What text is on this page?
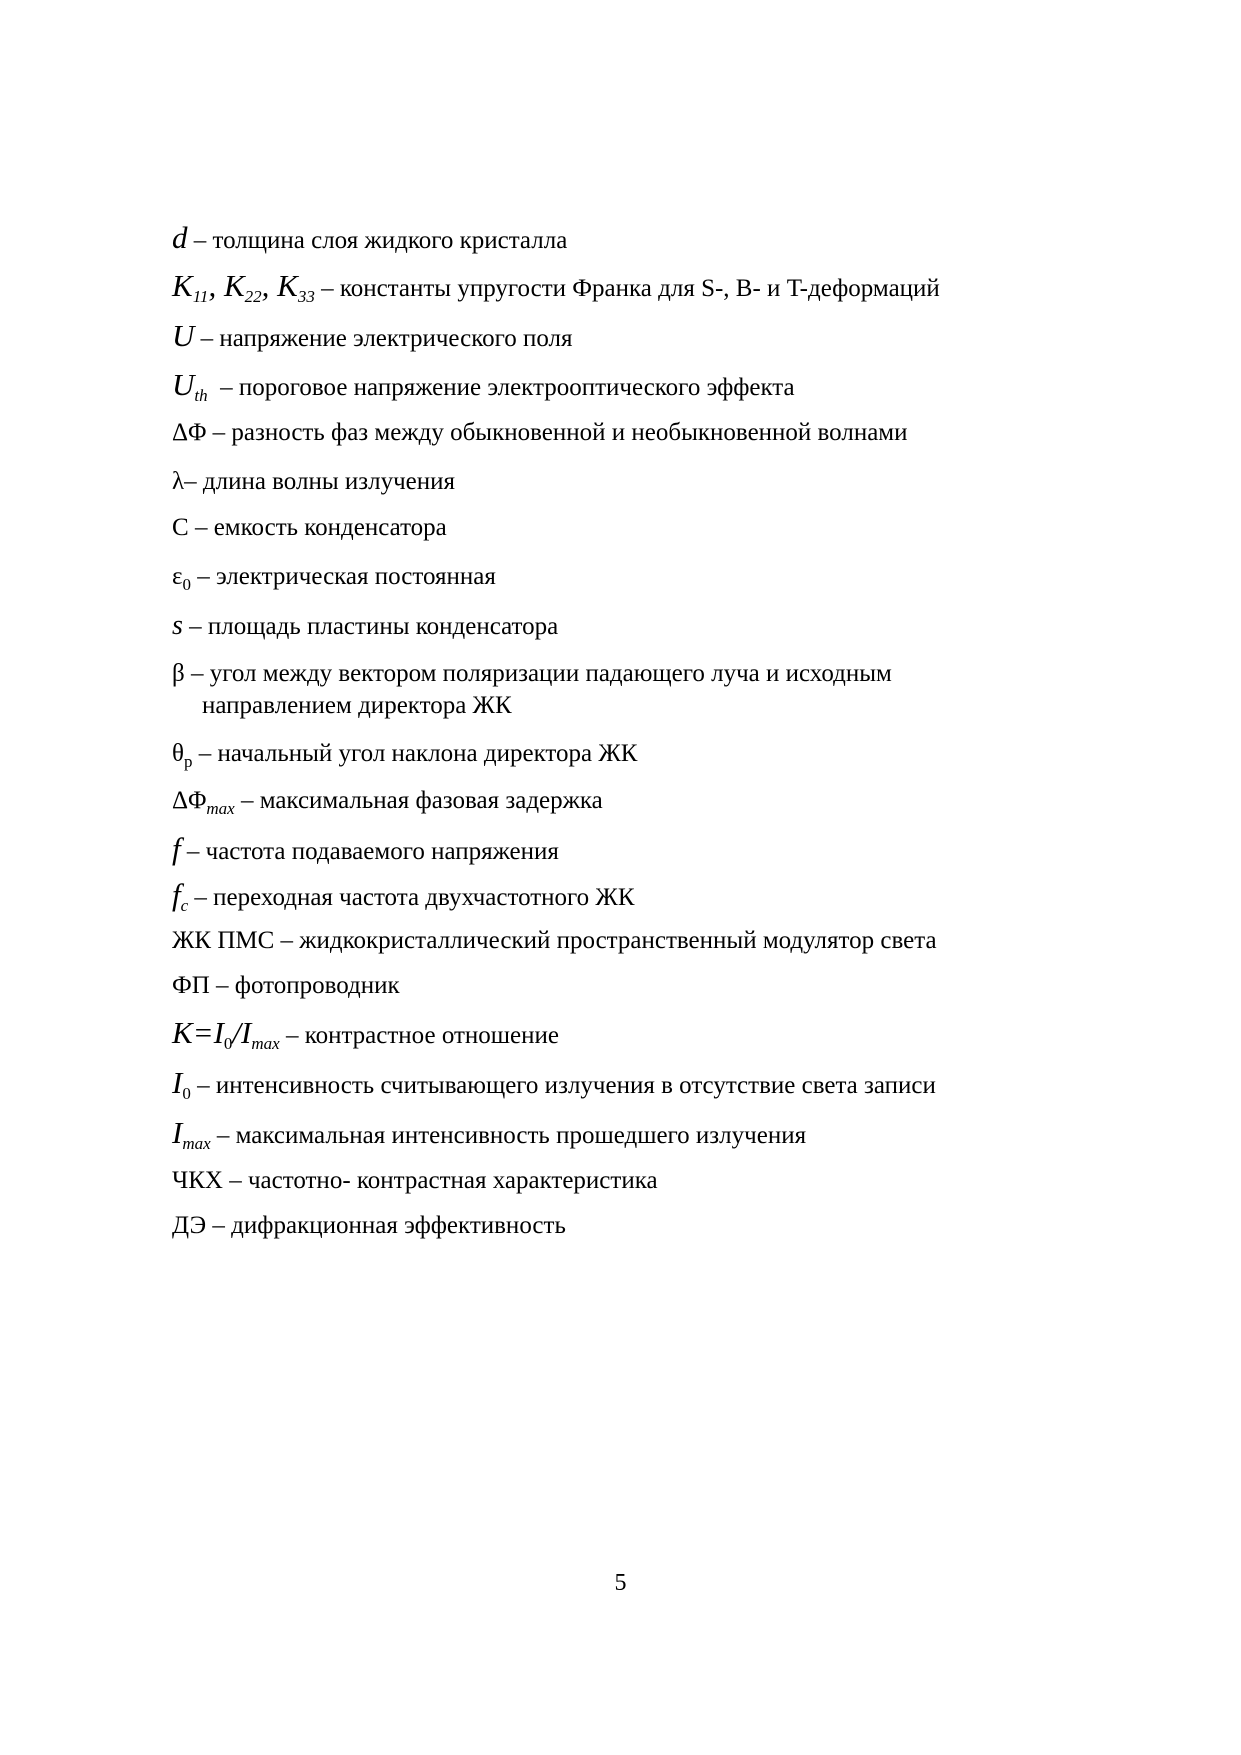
d – толщина слоя жидкого кристалла
$K_{11}$, $K_{22}$, $K_{33}$ – константы упругости Франка для S-, B- и T-деформаций
U – напряжение электрического поля
$U_{th}$  – пороговое напряжение электрооптического эффекта
ΔΦ – разность фаз между обыкновенной и необыкновенной волнами
λ– длина волны излучения
С – емкость конденсатора
$\varepsilon_0$ – электрическая постоянная
s – площадь пластины конденсатора
β – угол между вектором поляризации падающего луча и исходным
направлением директора ЖК
$\theta_p$ – начальный угол наклона директора ЖК
$\Delta\Phi_{max}$ – максимальная фазовая задержка
f – частота подаваемого напряжения
$f_c$ – переходная частота двухчастотного ЖК
ЖК ПМС – жидкокристаллический пространственный модулятор света
ФП – фотопроводник
$K=I_0/I_{max}$ – контрастное отношение
$I_0$ – интенсивность считывающего излучения в отсутствие света записи
$I_{max}$ – максимальная интенсивность прошедшего излучения
ЧКХ – частотно- контрастная характеристика
ДЭ – дифракционная эффективность
5
